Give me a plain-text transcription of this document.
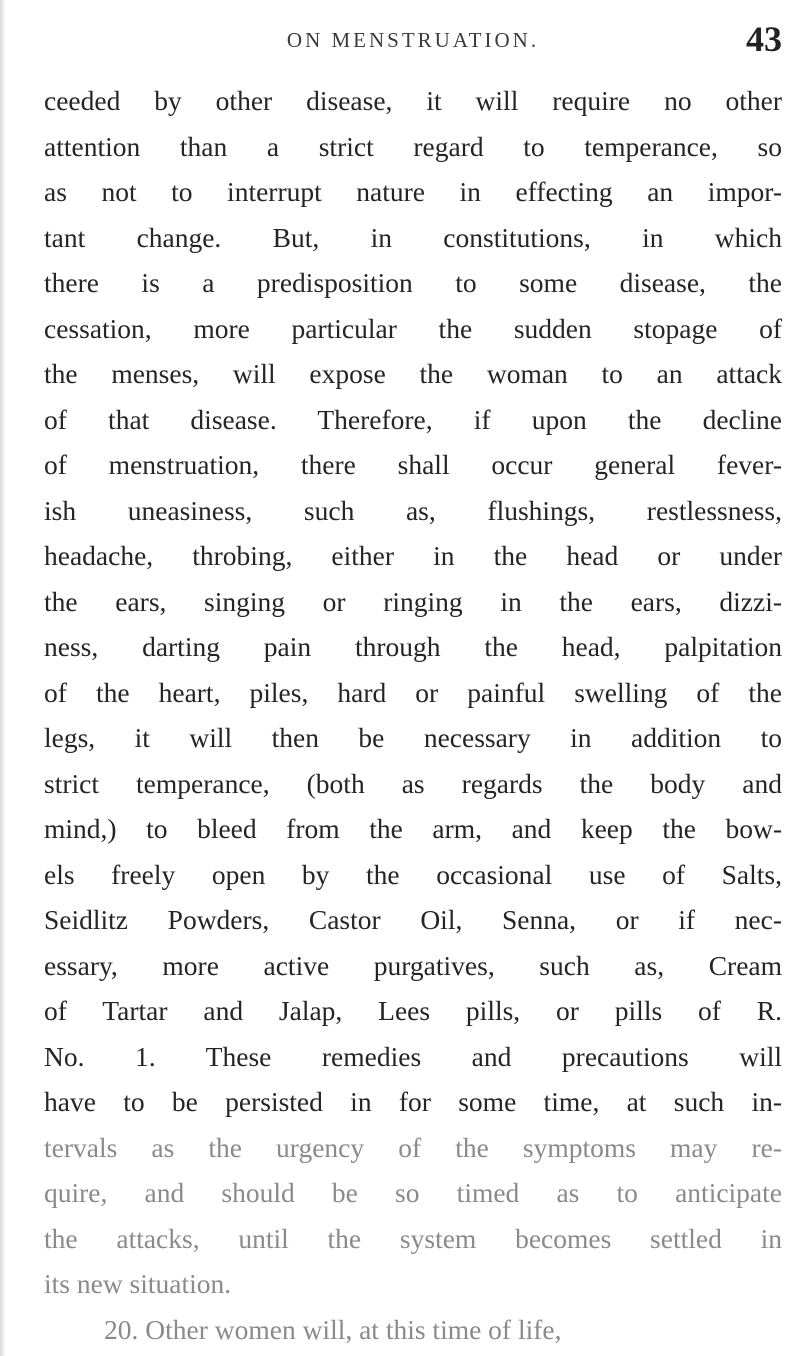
ON MENSTRUATION.	43
ceeded by other disease, it will require no other
attention than a strict regard to temperance, so
as not to interrupt nature in effecting an impor-
tant change. But, in constitutions, in which
there is a predisposition to some disease, the
cessation, more particular the sudden stopage of
the menses, will expose the woman to an attack
of that disease. Therefore, if upon the decline
of menstruation, there shall occur general fever-
ish uneasiness, such as, flushings, restlessness,
headache, throbing, either in the head or under
the ears, singing or ringing in the ears, dizzi-
ness, darting pain through the head, palpitation
of the heart, piles, hard or painful swelling of the
legs, it will then be necessary in addition to
strict temperance, (both as regards the body and
mind,) to bleed from the arm, and keep the bow-
els freely open by the occasional use of Salts,
Seidlitz Powders, Castor Oil, Senna, or if nec-
essary, more active purgatives, such as, Cream
of Tartar and Jalap, Lees pills, or pills of R.
No. 1. These remedies and precautions will
have to be persisted in for some time, at such in-
tervals as the urgency of the symptoms may re-
quire, and should be so timed as to anticipate
the attacks, until the system becomes settled in
its new situation.
20. Other women will, at this time of life,
